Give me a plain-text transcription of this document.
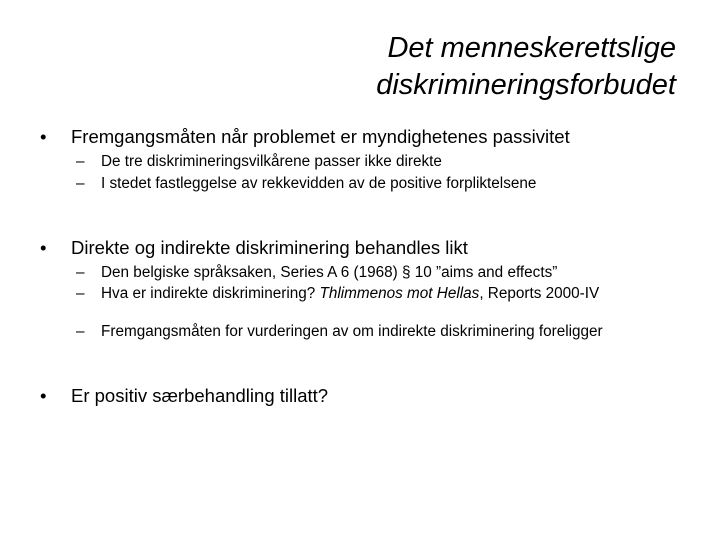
Det menneskerettslige
diskrimineringsforbudet
• Fremgangsmåten når problemet er myndighetenes passivitet
– De tre diskrimineringsvilkårene passer ikke direkte
– I stedet fastleggelse av rekkevidden av de positive forpliktelsene
• Direkte og indirekte diskriminering behandles likt
– Den belgiske språksaken, Series A 6 (1968) § 10 ”aims and effects”
– Hva er indirekte diskriminering? Thlimmenos mot Hellas, Reports 2000-IV
– Fremgangsmåten for vurderingen av om indirekte diskriminering foreligger
• Er positiv særbehandling tillatt?
